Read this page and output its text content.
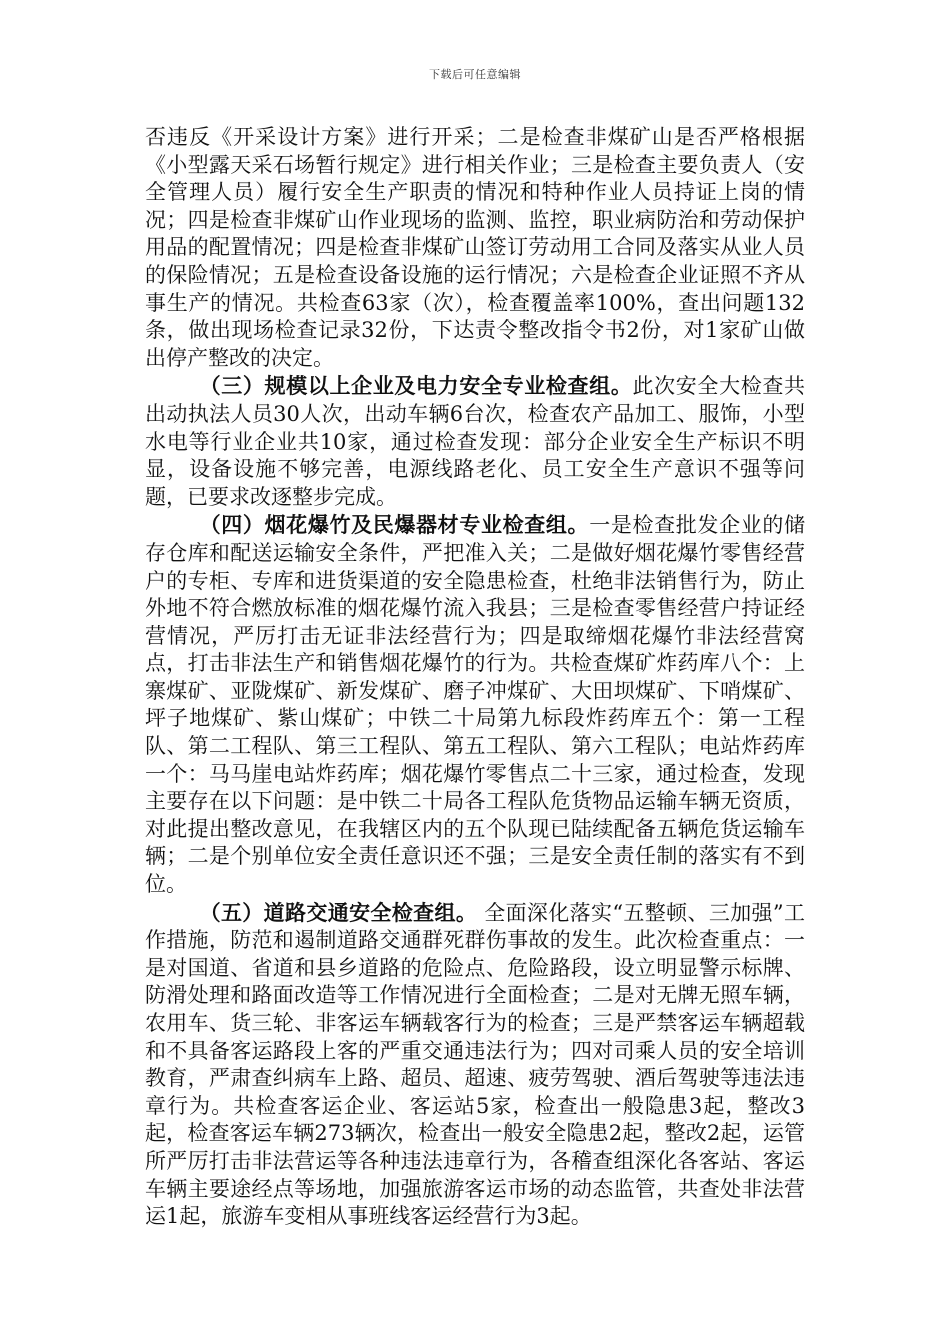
下载后可任意编辑

否违反《开采设计方案》进行开采；二是检查非煤矿山是否严格根据《小型露天采石场暂行规定》进行相关作业；三是检查主要负责人（安全管理人员）履行安全生产职责的情况和特种作业人员持证上岗的情况；四是检查非煤矿山作业现场的监测、监控，职业病防治和劳动保护用品的配置情况；四是检查非煤矿山签订劳动用工合同及落实从业人员的保险情况；五是检查设备设施的运行情况；六是检查企业证照不齐从事生产的情况。共检查63家（次），检查覆盖率100%，查出问题132条，做出现场检查记录32份，下达责令整改指令书2份，对1家矿山做出停产整改的决定。

（三）规模以上企业及电力安全专业检查组。此次安全大检查共出动执法人员30人次，出动车辆6台次，检查农产品加工、服饰，小型水电等行业企业共10家，通过检查发现：部分企业安全生产标识不明显，设备设施不够完善，电源线路老化、员工安全生产意识不强等问题，已要求改逐整步完成。

（四）烟花爆竹及民爆器材专业检查组。一是检查批发企业的储存仓库和配送运输安全条件，严把准入关；二是做好烟花爆竹零售经营户的专柜、专库和进货渠道的安全隐患检查，杜绝非法销售行为，防止外地不符合燃放标准的烟花爆竹流入我县；三是检查零售经营户持证经营情况，严厉打击无证非法经营行为；四是取缔烟花爆竹非法经营窝点，打击非法生产和销售烟花爆竹的行为。共检查煤矿炸药库八个：上寨煤矿、亚陇煤矿、新发煤矿、磨子冲煤矿、大田坝煤矿、下哨煤矿、坪子地煤矿、紫山煤矿；中铁二十局第九标段炸药库五个：第一工程队、第二工程队、第三工程队、第五工程队、第六工程队；电站炸药库一个：马马崖电站炸药库；烟花爆竹零售点二十三家，通过检查，发现主要存在以下问题：是中铁二十局各工程队危货物品运输车辆无资质，对此提出整改意见，在我辖区内的五个队现已陆续配备五辆危货运输车辆；二是个别单位安全责任意识还不强；三是安全责任制的落实有不到位。

（五）道路交通安全检查组。 全面深化落实“五整顿、三加强”工作措施，防范和遏制道路交通群死群伤事故的发生。此次检查重点：一是对国道、省道和县乡道路的危险点、危险路段，设立明显警示标牌、防滑处理和路面改造等工作情况进行全面检查；二是对无牌无照车辆，农用车、货三轮、非客运车辆载客行为的检查；三是严禁客运车辆超载和不具备客运路段上客的严重交通违法行为；四对司乘人员的安全培训教育，严肃查纠病车上路、超员、超速、疲劳驾驶、酒后驾驶等违法违章行为。共检查客运企业、客运站5家，检查出一般隐患3起，整改3起，检查客运车辆273辆次，检查出一般安全隐患2起，整改2起，运管所严厉打击非法营运等各种违法违章行为，各稽查组深化各客站、客运车辆主要途经点等场地，加强旅游客运市场的动态监管，共查处非法营运1起，旅游车变相从事班线客运经营行为3起。
